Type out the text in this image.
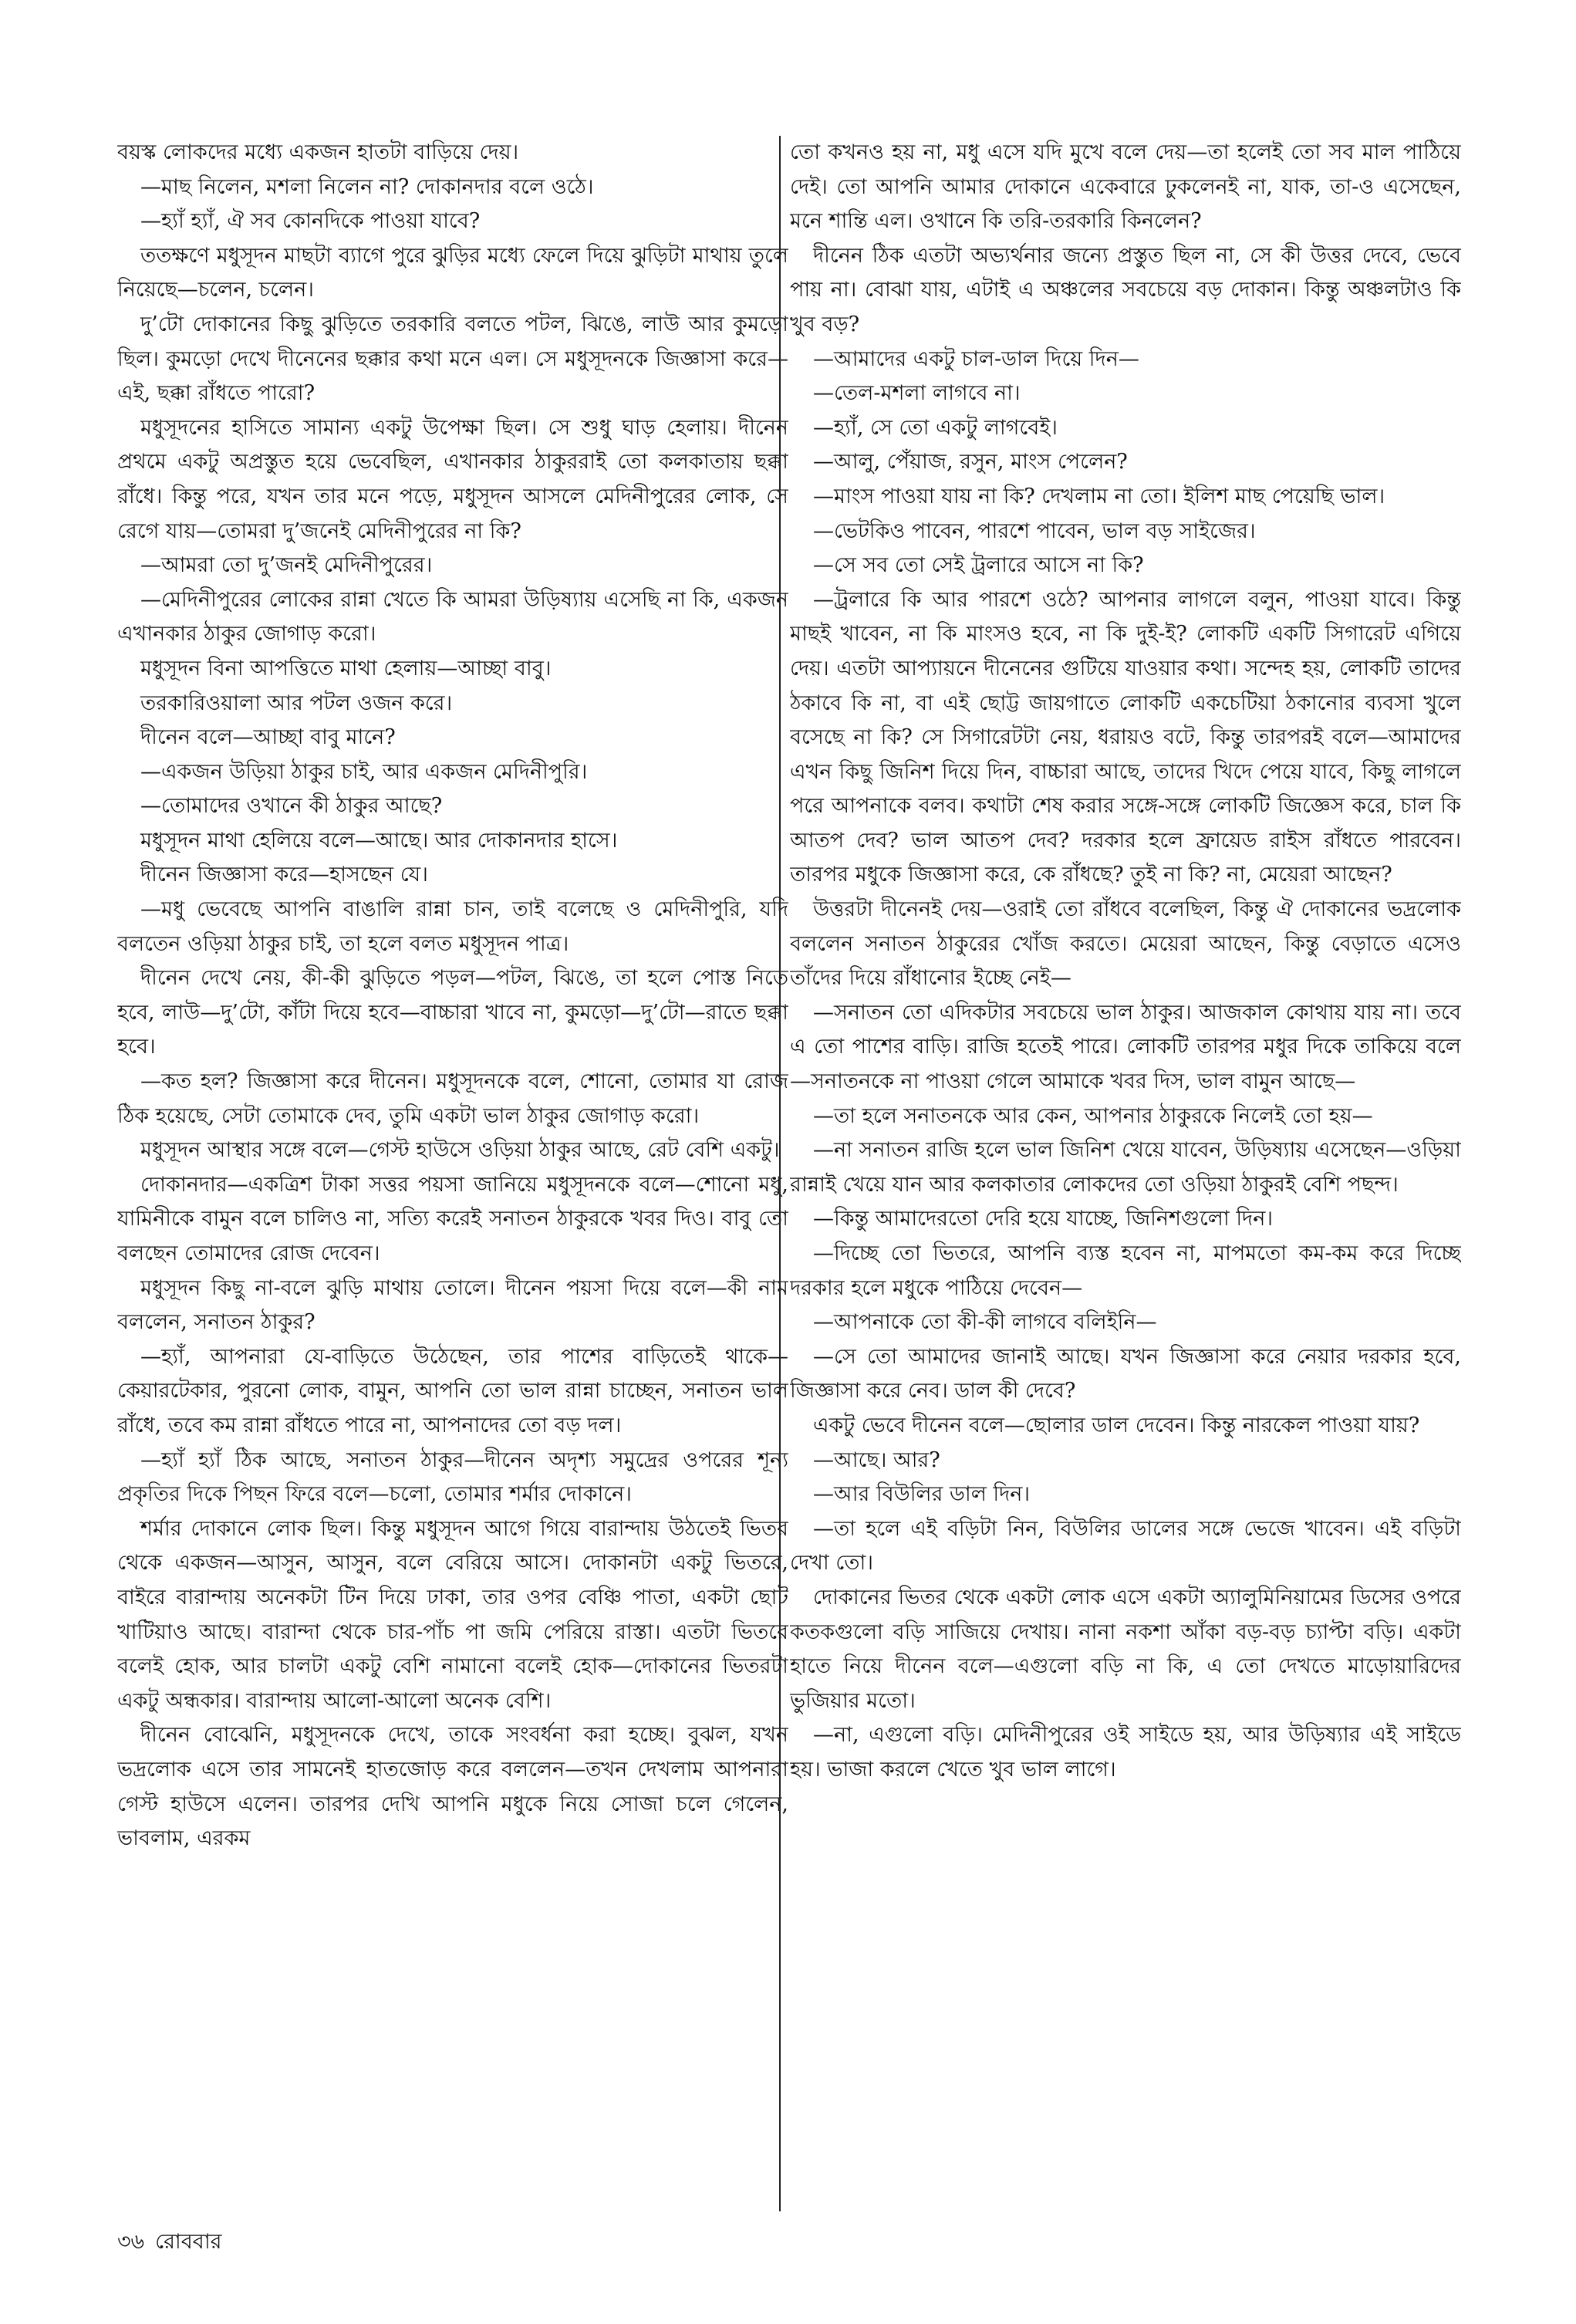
বয়স্ক লোকদের মধ্যে একজন হাতটা বাড়িয়ে দেয়।

—মাছ নিলেন, মশলা নিলেন না? দোকানদার বলে ওঠে।

—হ্যাঁ হ্যাঁ, ঐ সব কোনদিকে পাওয়া যাবে?

ততক্ষণে মধুসূদন মাছটা ব্যাগে পুরে ঝুড়ির মধ্যে ফেলে দিয়ে ঝুড়িটা মাথায় তুলে নিয়েছে—চলেন, চলেন।

দু’টো দোকানের কিছু ঝুড়িতে তরকারি বলতে পটল, ঝিঙে, লাউ আর কুমড়ো ছিল। কুমড়ো দেখে দীনেনের ছক্কার কথা মনে এল। সে মধুসূদনকে জিজ্ঞাসা করে—এই, ছক্কা রাঁধতে পারো?

মধুসূদনের হাসিতে সামান্য একটু উপেক্ষা ছিল। সে শুধু ঘাড় হেলায়। দীনেন প্রথমে একটু অপ্রস্তুত হয়ে ভেবেছিল, এখানকার ঠাকুররাই তো কলকাতায় ছক্কা রাঁধে। কিন্তু পরে, যখন তার মনে পড়ে, মধুসূদন আসলে মেদিনীপুরের লোক, সে রেগে যায়—তোমরা দু’জনেই মেদিনীপুরের না কি?

—আমরা তো দু’জনই মেদিনীপুরের।

—মেদিনীপুরের লোকের রান্না খেতে কি আমরা উড়িষ্যায় এসেছি না কি, একজন এখানকার ঠাকুর জোগাড় করো।

মধুসূদন বিনা আপত্তিতে মাথা হেলায়—আচ্ছা বাবু।

তরকারিওয়ালা আর পটল ওজন করে।

দীনেন বলে—আচ্ছা বাবু মানে?

—একজন উড়িয়া ঠাকুর চাই, আর একজন মেদিনীপুরি।

—তোমাদের ওখানে কী ঠাকুর আছে?

মধুসূদন মাথা হেলিয়ে বলে—আছে। আর দোকানদার হাসে।

দীনেন জিজ্ঞাসা করে—হাসছেন যে।

—মধু ভেবেছে আপনি বাঙালি রান্না চান, তাই বলেছে ও মেদিনীপুরি, যদি বলতেন ওড়িয়া ঠাকুর চাই, তা হলে বলত মধুসূদন পাত্র।

দীনেন দেখে নেয়, কী-কী ঝুড়িতে পড়ল—পটল, ঝিঙে, তা হলে পোস্ত নিতে হবে, লাউ—দু’টো, কাঁটা দিয়ে হবে—বাচ্চারা খাবে না, কুমড়ো—দু’টো—রাতে ছক্কা হবে।

—কত হল? জিজ্ঞাসা করে দীনেন। মধুসূদনকে বলে, শোনো, তোমার যা রোজ ঠিক হয়েছে, সেটা তোমাকে দেব, তুমি একটা ভাল ঠাকুর জোগাড় করো।

মধুসূদন আস্থার সঙ্গে বলে—গেস্ট হাউসে ওড়িয়া ঠাকুর আছে, রেট বেশি একটু।

দোকানদার—একত্রিশ টাকা সত্তর পয়সা জানিয়ে মধুসূদনকে বলে—শোনো মধু, যামিনীকে বামুন বলে চালিও না, সত্যি করেই সনাতন ঠাকুরকে খবর দিও। বাবু তো বলছেন তোমাদের রোজ দেবেন।

মধুসূদন কিছু না-বলে ঝুড়ি মাথায় তোলে। দীনেন পয়সা দিয়ে বলে—কী নাম বললেন, সনাতন ঠাকুর?

—হ্যাঁ, আপনারা যে-বাড়িতে উঠেছেন, তার পাশের বাড়িতেই থাকে—কেয়ারটেকার, পুরনো লোক, বামুন, আপনি তো ভাল রান্না চাচ্ছেন, সনাতন ভাল রাঁধে, তবে কম রান্না রাঁধতে পারে না, আপনাদের তো বড় দল।

—হ্যাঁ হ্যাঁ ঠিক আছে, সনাতন ঠাকুর—দীনেন অদৃশ্য সমুদ্রের ওপরের শূন্য প্রকৃতির দিকে পিছন ফিরে বলে—চলো, তোমার শর্মার দোকানে।

শর্মার দোকানে লোক ছিল। কিন্তু মধুসূদন আগে গিয়ে বারান্দায় উঠতেই ভিতর থেকে একজন—আসুন, আসুন, বলে বেরিয়ে আসে। দোকানটা একটু ভিতরে, বাইরে বারান্দায় অনেকটা টিন দিয়ে ঢাকা, তার ওপর বেঞ্চি পাতা, একটা ছোট খাটিয়াও আছে। বারান্দা থেকে চার-পাঁচ পা জমি পেরিয়ে রাস্তা। এতটা ভিতরে বলেই হোক, আর চালটা একটু বেশি নামানো বলেই হোক—দোকানের ভিতরটা একটু অন্ধকার। বারান্দায় আলো-আলো অনেক বেশি।

দীনেন বোঝেনি, মধুসূদনকে দেখে, তাকে সংবর্ধনা করা হচ্ছে। বুঝল, যখন ভদ্রলোক এসে তার সামনেই হাতজোড় করে বললেন—তখন দেখলাম আপনারা গেস্ট হাউসে এলেন। তারপর দেখি আপনি মধুকে নিয়ে সোজা চলে গেলেন, ভাবলাম, এরকম

তো কখনও হয় না, মধু এসে যদি মুখে বলে দেয়—তা হলেই তো সব মাল পাঠিয়ে দেই। তো আপনি আমার দোকানে একেবারে ঢুকলেনই না, যাক, তা-ও এসেছেন, মনে শান্তি এল। ওখানে কি তরি-তরকারি কিনলেন?

দীনেন ঠিক এতটা অভ্যর্থনার জন্যে প্রস্তুত ছিল না, সে কী উত্তর দেবে, ভেবে পায় না। বোঝা যায়, এটাই এ অঞ্চলের সবচেয়ে বড় দোকান। কিন্তু অঞ্চলটাও কি খুব বড়?

—আমাদের একটু চাল-ডাল দিয়ে দিন—

—তেল-মশলা লাগবে না।

—হ্যাঁ, সে তো একটু লাগবেই।

—আলু, পেঁয়াজ, রসুন, মাংস পেলেন?

—মাংস পাওয়া যায় না কি? দেখলাম না তো। ইলিশ মাছ পেয়েছি ভাল।

—ভেটকিও পাবেন, পারশে পাবেন, ভাল বড় সাইজের।

—সে সব তো সেই ট্রলারে আসে না কি?

—ট্রলারে কি আর পারশে ওঠে? আপনার লাগলে বলুন, পাওয়া যাবে। কিন্তু মাছই খাবেন, না কি মাংসও হবে, না কি দুই-ই? লোকটি একটি সিগারেট এগিয়ে দেয়। এতটা আপ্যায়নে দীনেনের গুটিয়ে যাওয়ার কথা। সন্দেহ হয়, লোকটি তাদের ঠকাবে কি না, বা এই ছোট্ট জায়গাতে লোকটি একচেটিয়া ঠকানোর ব্যবসা খুলে বসেছে না কি? সে সিগারেটটা নেয়, ধরায়ও বটে, কিন্তু তারপরই বলে—আমাদের এখন কিছু জিনিশ দিয়ে দিন, বাচ্চারা আছে, তাদের খিদে পেয়ে যাবে, কিছু লাগলে পরে আপনাকে বলব। কথাটা শেষ করার সঙ্গে-সঙ্গে লোকটি জিজ্ঞেস করে, চাল কি আতপ দেব? ভাল আতপ দেব? দরকার হলে ফ্রায়েড রাইস রাঁধতে পারবেন। তারপর মধুকে জিজ্ঞাসা করে, কে রাঁধছে? তুই না কি? না, মেয়েরা আছেন?

উত্তরটা দীনেনই দেয়—ওরাই তো রাঁধবে বলেছিল, কিন্তু ঐ দোকানের ভদ্রলোক বললেন সনাতন ঠাকুরের খোঁজ করতে। মেয়েরা আছেন, কিন্তু বেড়াতে এসেও তাঁদের দিয়ে রাঁধানোর ইচ্ছে নেই—

—সনাতন তো এদিকটার সবচেয়ে ভাল ঠাকুর। আজকাল কোথায় যায় না। তবে এ তো পাশের বাড়ি। রাজি হতেই পারে। লোকটি তারপর মধুর দিকে তাকিয়ে বলে—সনাতনকে না পাওয়া গেলে আমাকে খবর দিস, ভাল বামুন আছে—

—তা হলে সনাতনকে আর কেন, আপনার ঠাকুরকে নিলেই তো হয়—

—না সনাতন রাজি হলে ভাল জিনিশ খেয়ে যাবেন, উড়িষ্যায় এসেছেন—ওড়িয়া রান্নাই খেয়ে যান আর কলকাতার লোকদের তো ওড়িয়া ঠাকুরই বেশি পছন্দ।

—কিন্তু আমাদেরতো দেরি হয়ে যাচ্ছে, জিনিশগুলো দিন।

—দিচ্ছে তো ভিতরে, আপনি ব্যস্ত হবেন না, মাপমতো কম-কম করে দিচ্ছে দরকার হলে মধুকে পাঠিয়ে দেবেন—

—আপনাকে তো কী-কী লাগবে বলিইনি—

—সে তো আমাদের জানাই আছে। যখন জিজ্ঞাসা করে নেয়ার দরকার হবে, জিজ্ঞাসা করে নেব। ডাল কী দেবে?

একটু ভেবে দীনেন বলে—ছোলার ডাল দেবেন। কিন্তু নারকেল পাওয়া যায়?

—আছে। আর?

—আর বিউলির ডাল দিন।

—তা হলে এই বড়িটা নিন, বিউলির ডালের সঙ্গে ভেজে খাবেন। এই বড়িটা দেখা তো।

দোকানের ভিতর থেকে একটা লোক এসে একটা অ্যালুমিনিয়ামের ডিসের ওপরে কতকগুলো বড়ি সাজিয়ে দেখায়। নানা নকশা আঁকা বড়-বড় চ্যাপ্টা বড়ি। একটা হাতে নিয়ে দীনেন বলে—এগুলো বড়ি না কি, এ তো দেখতে মাড়োয়ারিদের ভুজিয়ার মতো।

—না, এগুলো বড়ি। মেদিনীপুরের ওই সাইডে হয়, আর উড়িষ্যার এই সাইডে হয়। ভাজা করলে খেতে খুব ভাল লাগে।

৩৬ রোববার
